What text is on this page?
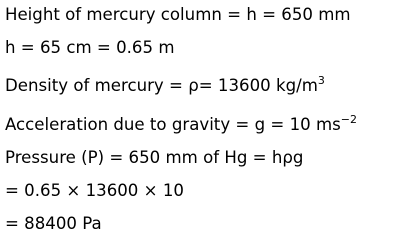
Height of mercury column = h = 650 mm
h = 65 cm = 0.65 m
Density of mercury = ρ= 13600 $kg/m^3$
Acceleration due to gravity = g = 10 $ms^{-2}$
Pressure (P) = 650 mm of Hg = hρg
= 0.65 × 13600 × 10
= 88400 Pa
